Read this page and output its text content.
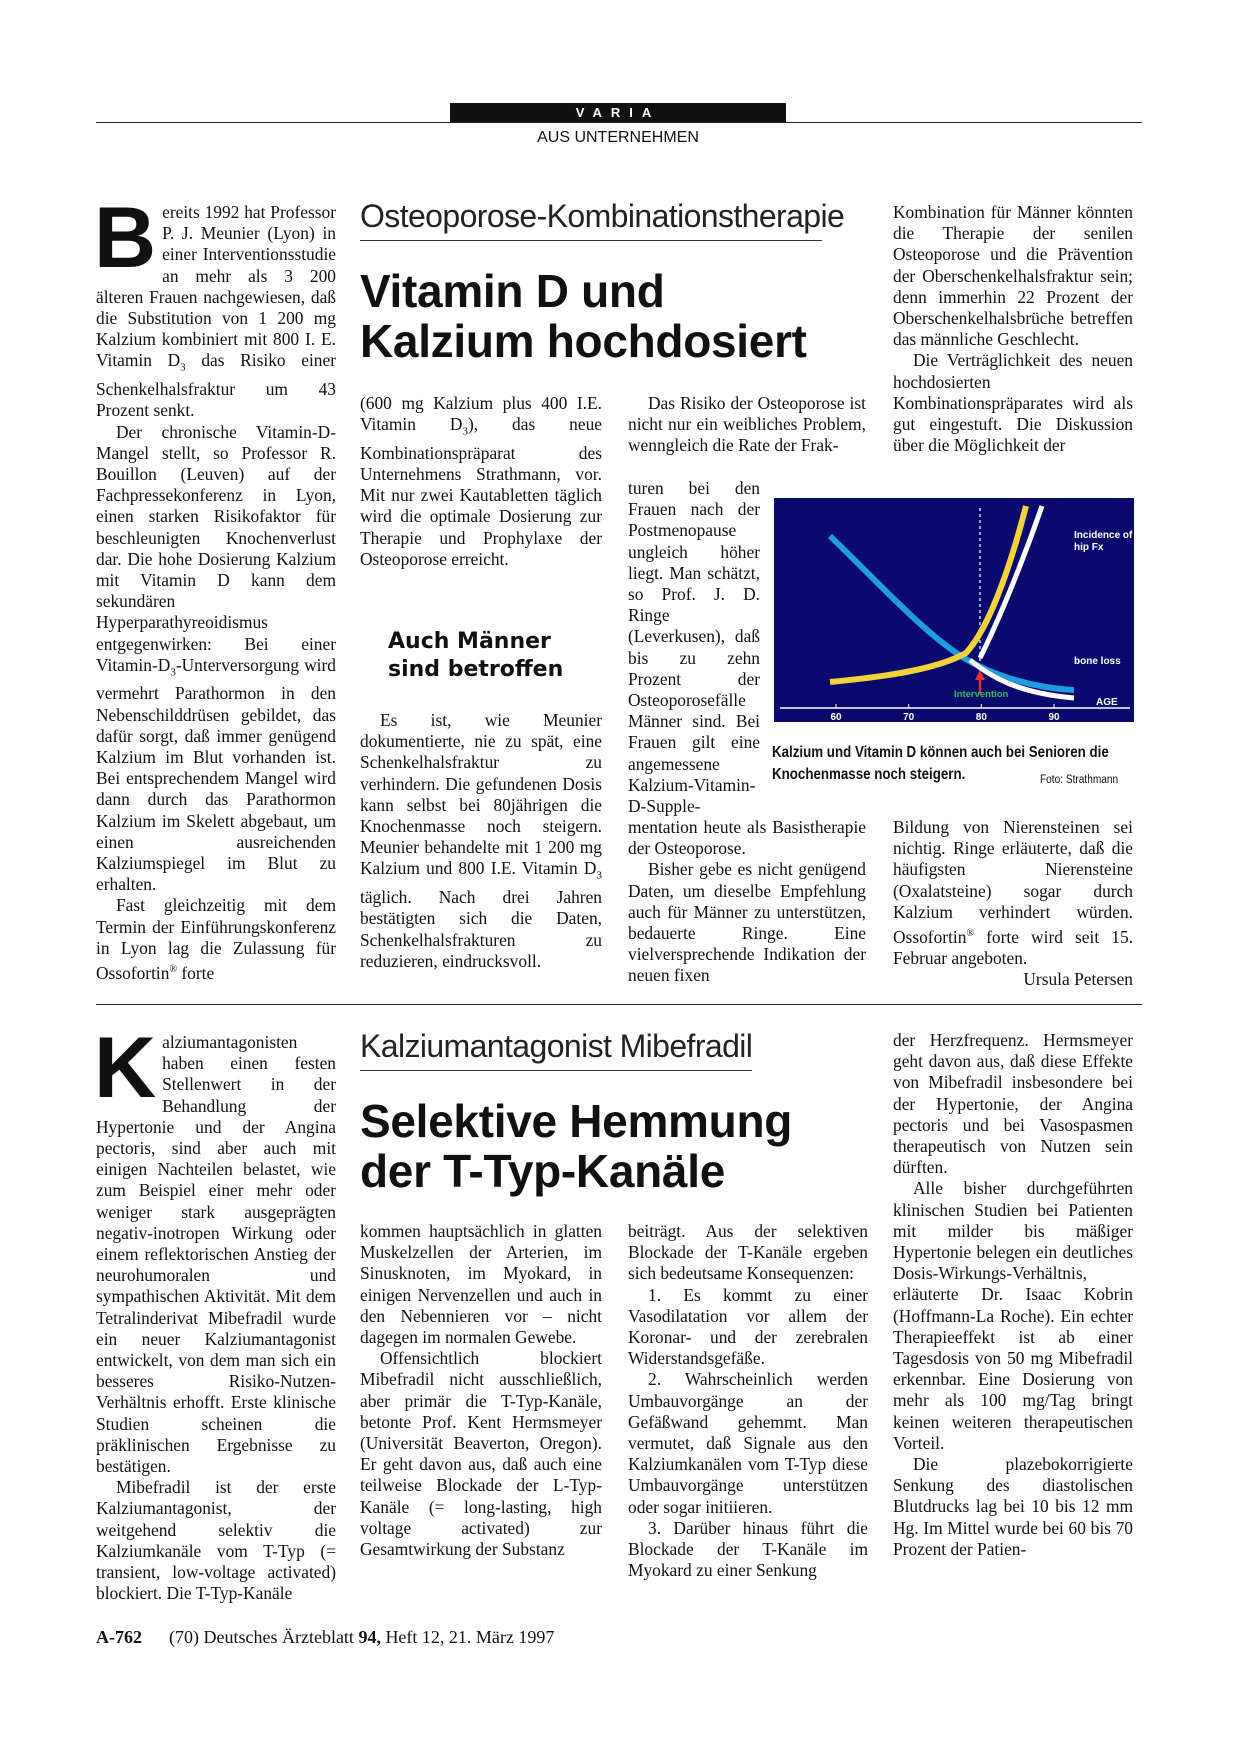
VARIA
AUS UNTERNEHMEN

Bereits 1992 hat Professor P. J. Meunier (Lyon) in einer Interventionsstudie an mehr als 3 200 älteren Frauen nachgewiesen, daß die Substitution von 1 200 mg Kalzium kombiniert mit 800 I. E. Vitamin $D_3$ das Risiko einer Schenkelhalsfraktur um 43 Prozent senkt.

Der chronische Vitamin-D-Mangel stellt, so Professor R. Bouillon (Leuven) auf der Fachpressekonferenz in Lyon, einen starken Risikofaktor für beschleunigten Knochenverlust dar. Die hohe Dosierung Kalzium mit Vitamin D kann dem sekundären Hyperparathyreoidismus entgegenwirken: Bei einer Vitamin-$D_3$-Unterversorgung wird vermehrt Parathormon in den Nebenschilddrüsen gebildet, das dafür sorgt, daß immer genügend Kalzium im Blut vorhanden ist. Bei entsprechendem Mangel wird dann durch das Parathormon Kalzium im Skelett abgebaut, um einen ausreichenden Kalziumspiegel im Blut zu erhalten.

Fast gleichzeitig mit dem Termin der Einführungskonferenz in Lyon lag die Zulassung für Ossofortin® forte

Osteoporose-Kombinationstherapie
Vitamin D und
Kalzium hochdosiert

(600 mg Kalzium plus 400 I.E. Vitamin $D_3$), das neue Kombinationspräparat des Unternehmens Strathmann, vor. Mit nur zwei Kautabletten täglich wird die optimale Dosierung zur Therapie und Prophylaxe der Osteoporose erreicht.

Auch Männer
sind betroffen

Es ist, wie Meunier dokumentierte, nie zu spät, eine Schenkelhalsfraktur zu verhindern. Die gefundenen Dosis kann selbst bei 80jährigen die Knochenmasse noch steigern. Meunier behandelte mit 1 200 mg Kalzium und 800 I.E. Vitamin $D_3$ täglich. Nach drei Jahren bestätigten sich die Daten, Schenkelhalsfrakturen zu reduzieren, eindrucksvoll.

Das Risiko der Osteoporose ist nicht nur ein weibliches Problem, wenngleich die Rate der Frak-

turen bei den Frauen nach der Postmenopause ungleich höher liegt. Man schätzt, so Prof. J. D. Ringe (Leverkusen), daß bis zu zehn Prozent der Osteoporosefälle Männer sind. Bei Frauen gilt eine angemessene Kalzium-Vitamin-D-Supple-

mentation heute als Basistherapie der Osteoporose.

Bisher gebe es nicht genügend Daten, um dieselbe Empfehlung auch für Männer zu unterstützen, bedauerte Ringe. Eine vielversprechende Indikation der neuen fixen

Kombination für Männer könnten die Therapie der senilen Osteoporose und die Prävention der Oberschenkelhalsfraktur sein; denn immerhin 22 Prozent der Oberschenkelhalsbrüche betreffen das männliche Geschlecht.

Die Verträglichkeit des neuen hochdosierten Kombinationspräparates wird als gut eingestuft. Die Diskussion über die Möglichkeit der

Bildung von Nierensteinen sei nichtig. Ringe erläuterte, daß die häufigsten Nierensteine (Oxalatsteine) sogar durch Kalzium verhindert würden. Ossofortin® forte wird seit 15. Februar angeboten.
Ursula Petersen

Incidence of hip Fx
bone loss
Intervention
AGE
60	70	80	90
Kalzium und Vitamin D können auch bei Senioren die Knochenmasse noch steigern.	Foto: Strathmann

Kalziumantagonisten haben einen festen Stellenwert in der Behandlung der Hypertonie und der Angina pectoris, sind aber auch mit einigen Nachteilen belastet, wie zum Beispiel einer mehr oder weniger stark ausgeprägten negativ-inotropen Wirkung oder einem reflektorischen Anstieg der neurohumoralen und sympathischen Aktivität. Mit dem Tetralinderivat Mibefradil wurde ein neuer Kalziumantagonist entwickelt, von dem man sich ein besseres Risiko-Nutzen-Verhältnis erhofft. Erste klinische Studien scheinen die präklinischen Ergebnisse zu bestätigen.

Mibefradil ist der erste Kalziumantagonist, der weitgehend selektiv die Kalziumkanäle vom T-Typ (= transient, low-voltage activated) blockiert. Die T-Typ-Kanäle

Kalziumantagonist Mibefradil
Selektive Hemmung
der T-Typ-Kanäle

kommen hauptsächlich in glatten Muskelzellen der Arterien, im Sinusknoten, im Myokard, in einigen Nervenzellen und auch in den Nebennieren vor – nicht dagegen im normalen Gewebe.

Offensichtlich blockiert Mibefradil nicht ausschließlich, aber primär die T-Typ-Kanäle, betonte Prof. Kent Hermsmeyer (Universität Beaverton, Oregon). Er geht davon aus, daß auch eine teilweise Blockade der L-Typ-Kanäle (= long-lasting, high voltage activated) zur Gesamtwirkung der Substanz

beiträgt. Aus der selektiven Blockade der T-Kanäle ergeben sich bedeutsame Konsequenzen:

1. Es kommt zu einer Vasodilatation vor allem der Koronar- und der zerebralen Widerstandsgefäße.

2. Wahrscheinlich werden Umbauvorgänge an der Gefäßwand gehemmt. Man vermutet, daß Signale aus den Kalziumkanälen vom T-Typ diese Umbauvorgänge unterstützen oder sogar initiieren.

3. Darüber hinaus führt die Blockade der T-Kanäle im Myokard zu einer Senkung

der Herzfrequenz. Hermsmeyer geht davon aus, daß diese Effekte von Mibefradil insbesondere bei der Hypertonie, der Angina pectoris und bei Vasospasmen therapeutisch von Nutzen sein dürften.

Alle bisher durchgeführten klinischen Studien bei Patienten mit milder bis mäßiger Hypertonie belegen ein deutliches Dosis-Wirkungs-Verhältnis, erläuterte Dr. Isaac Kobrin (Hoffmann-La Roche). Ein echter Therapieeffekt ist ab einer Tagesdosis von 50 mg Mibefradil erkennbar. Eine Dosierung von mehr als 100 mg/Tag bringt keinen weiteren therapeutischen Vorteil.

Die plazebokorrigierte Senkung des diastolischen Blutdrucks lag bei 10 bis 12 mm Hg. Im Mittel wurde bei 60 bis 70 Prozent der Patien-

A-762 (70) Deutsches Ärzteblatt 94, Heft 12, 21. März 1997
